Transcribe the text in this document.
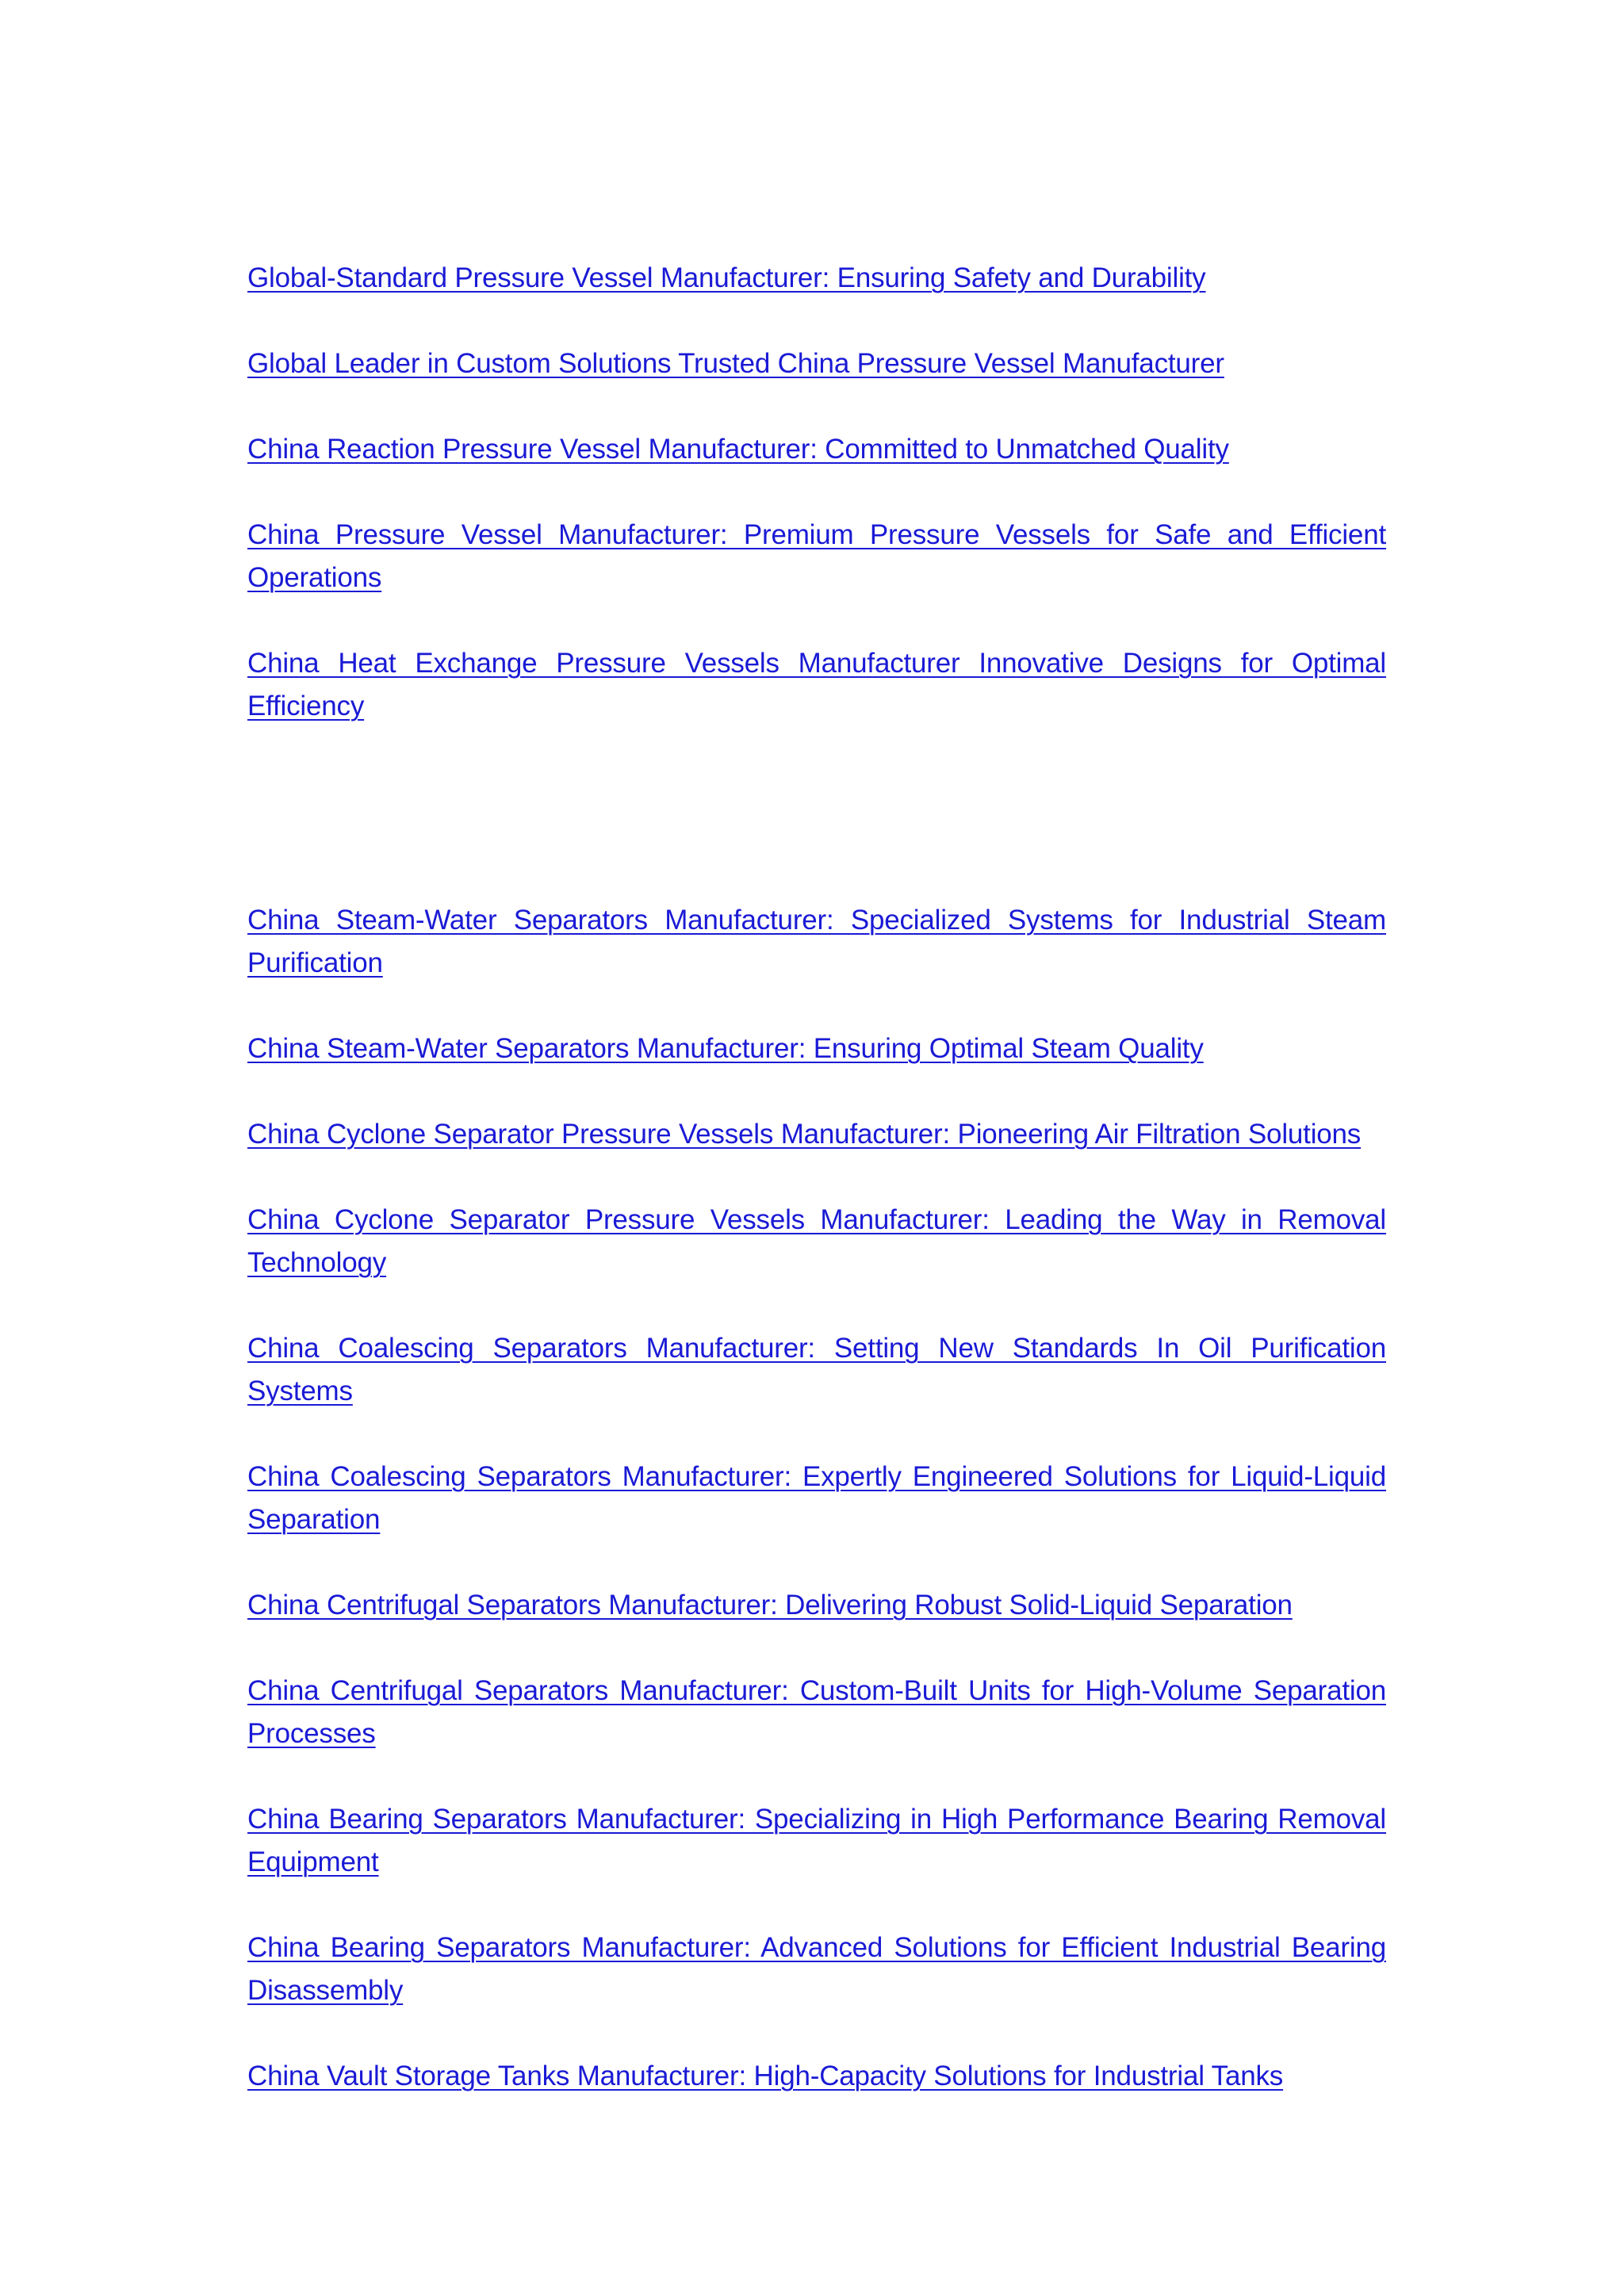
Global-Standard Pressure Vessel Manufacturer: Ensuring Safety and Durability
Global Leader in Custom Solutions Trusted China Pressure Vessel Manufacturer
China Reaction Pressure Vessel Manufacturer: Committed to Unmatched Quality
China Pressure Vessel Manufacturer: Premium Pressure Vessels for Safe and Efficient Operations
China Heat Exchange Pressure Vessels Manufacturer Innovative Designs for Optimal Efficiency
China Steam-Water Separators Manufacturer: Specialized Systems for Industrial Steam Purification
China Steam-Water Separators Manufacturer: Ensuring Optimal Steam Quality
China Cyclone Separator Pressure Vessels Manufacturer: Pioneering Air Filtration Solutions
China Cyclone Separator Pressure Vessels Manufacturer: Leading the Way in Removal Technology
China Coalescing Separators Manufacturer: Setting New Standards In Oil Purification Systems
China Coalescing Separators Manufacturer: Expertly Engineered Solutions for Liquid-Liquid Separation
China Centrifugal Separators Manufacturer: Delivering Robust Solid-Liquid Separation
China Centrifugal Separators Manufacturer: Custom-Built Units for High-Volume Separation Processes
China Bearing Separators Manufacturer: Specializing in High Performance Bearing Removal Equipment
China Bearing Separators Manufacturer: Advanced Solutions for Efficient Industrial Bearing Disassembly
China Vault Storage Tanks Manufacturer: High-Capacity Solutions for Industrial Tanks
